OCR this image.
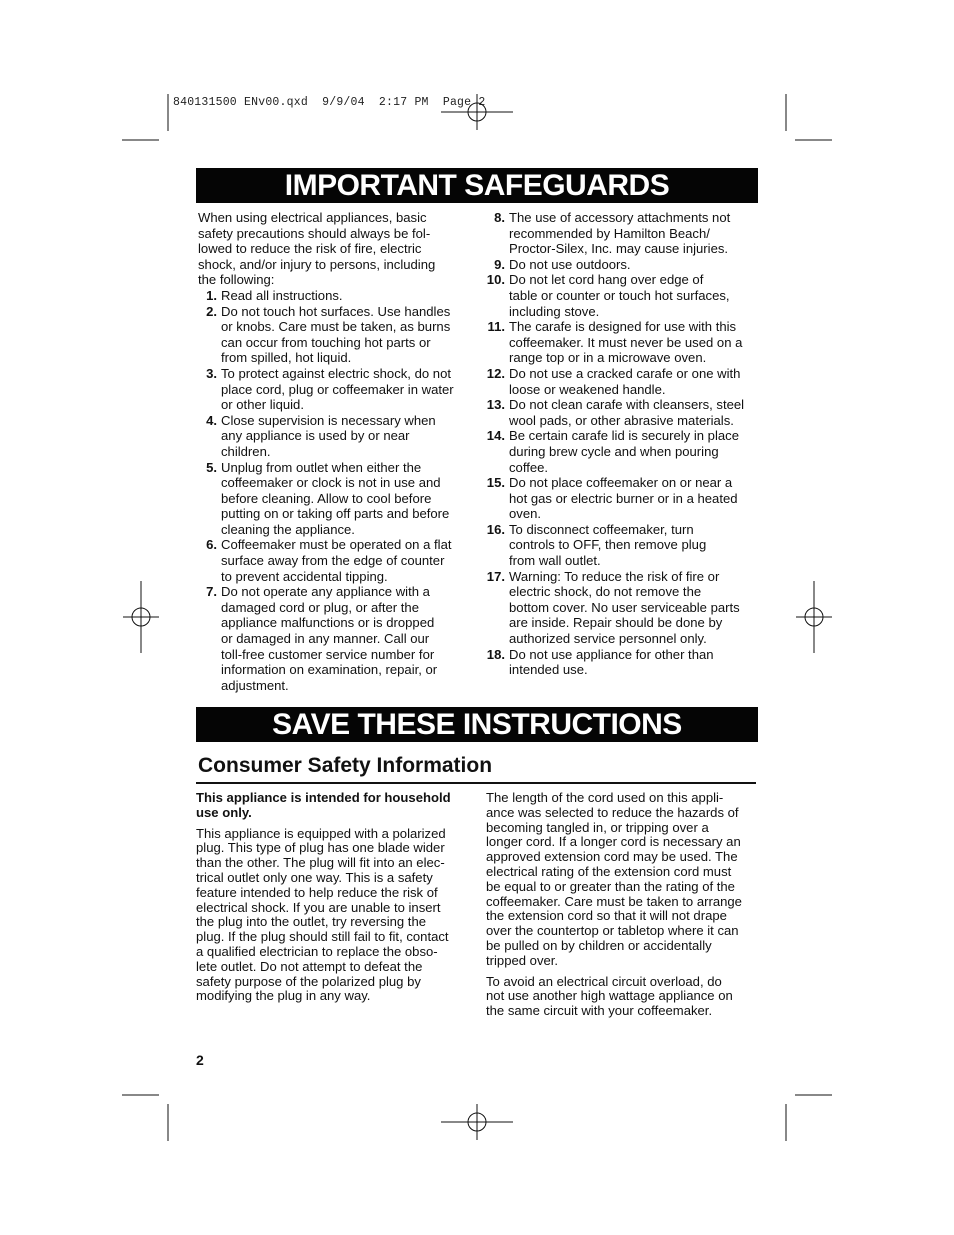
840131500 ENv00.qxd  9/9/04  2:17 PM  Page 2
IMPORTANT SAFEGUARDS

When using electrical appliances, basic
safety precautions should always be fol-
lowed to reduce the risk of fire, electric
shock, and/or injury to persons, including
the following:

1. Read all instructions.
2. Do not touch hot surfaces. Use handles
or knobs. Care must be taken, as burns
can occur from touching hot parts or
from spilled, hot liquid.
3. To protect against electric shock, do not
place cord, plug or coffeemaker in water
or other liquid.
4. Close supervision is necessary when
any appliance is used by or near
children.
5. Unplug from outlet when either the
coffeemaker or clock is not in use and
before cleaning. Allow to cool before
putting on or taking off parts and before
cleaning the appliance.
6. Coffeemaker must be operated on a flat
surface away from the edge of counter
to prevent accidental tipping.
7. Do not operate any appliance with a
damaged cord or plug, or after the
appliance malfunctions or is dropped
or damaged in any manner. Call our
toll-free customer service number for
information on examination, repair, or
adjustment.
8. The use of accessory attachments not
recommended by Hamilton Beach/
Proctor-Silex, Inc. may cause injuries.
9. Do not use outdoors.
10. Do not let cord hang over edge of
table or counter or touch hot surfaces,
including stove.
11. The carafe is designed for use with this
coffeemaker. It must never be used on a
range top or in a microwave oven.
12. Do not use a cracked carafe or one with
loose or weakened handle.
13. Do not clean carafe with cleansers, steel
wool pads, or other abrasive materials.
14. Be certain carafe lid is securely in place
during brew cycle and when pouring
coffee.
15. Do not place coffeemaker on or near a
hot gas or electric burner or in a heated
oven.
16. To disconnect coffeemaker, turn
controls to OFF, then remove plug
from wall outlet.
17. Warning: To reduce the risk of fire or
electric shock, do not remove the
bottom cover. No user serviceable parts
are inside. Repair should be done by
authorized service personnel only.
18. Do not use appliance for other than
intended use.
SAVE THESE INSTRUCTIONS
Consumer Safety Information

This appliance is intended for household
use only.

This appliance is equipped with a polarized
plug. This type of plug has one blade wider
than the other. The plug will fit into an elec-
trical outlet only one way. This is a safety
feature intended to help reduce the risk of
electrical shock. If you are unable to insert
the plug into the outlet, try reversing the
plug. If the plug should still fail to fit, contact
a qualified electrician to replace the obso-
lete outlet. Do not attempt to defeat the
safety purpose of the polarized plug by
modifying the plug in any way.

The length of the cord used on this appli-
ance was selected to reduce the hazards of
becoming tangled in, or tripping over a
longer cord. If a longer cord is necessary an
approved extension cord may be used. The
electrical rating of the extension cord must
be equal to or greater than the rating of the
coffeemaker. Care must be taken to arrange
the extension cord so that it will not drape
over the countertop or tabletop where it can
be pulled on by children or accidentally
tripped over.

To avoid an electrical circuit overload, do
not use another high wattage appliance on
the same circuit with your coffeemaker.

2
